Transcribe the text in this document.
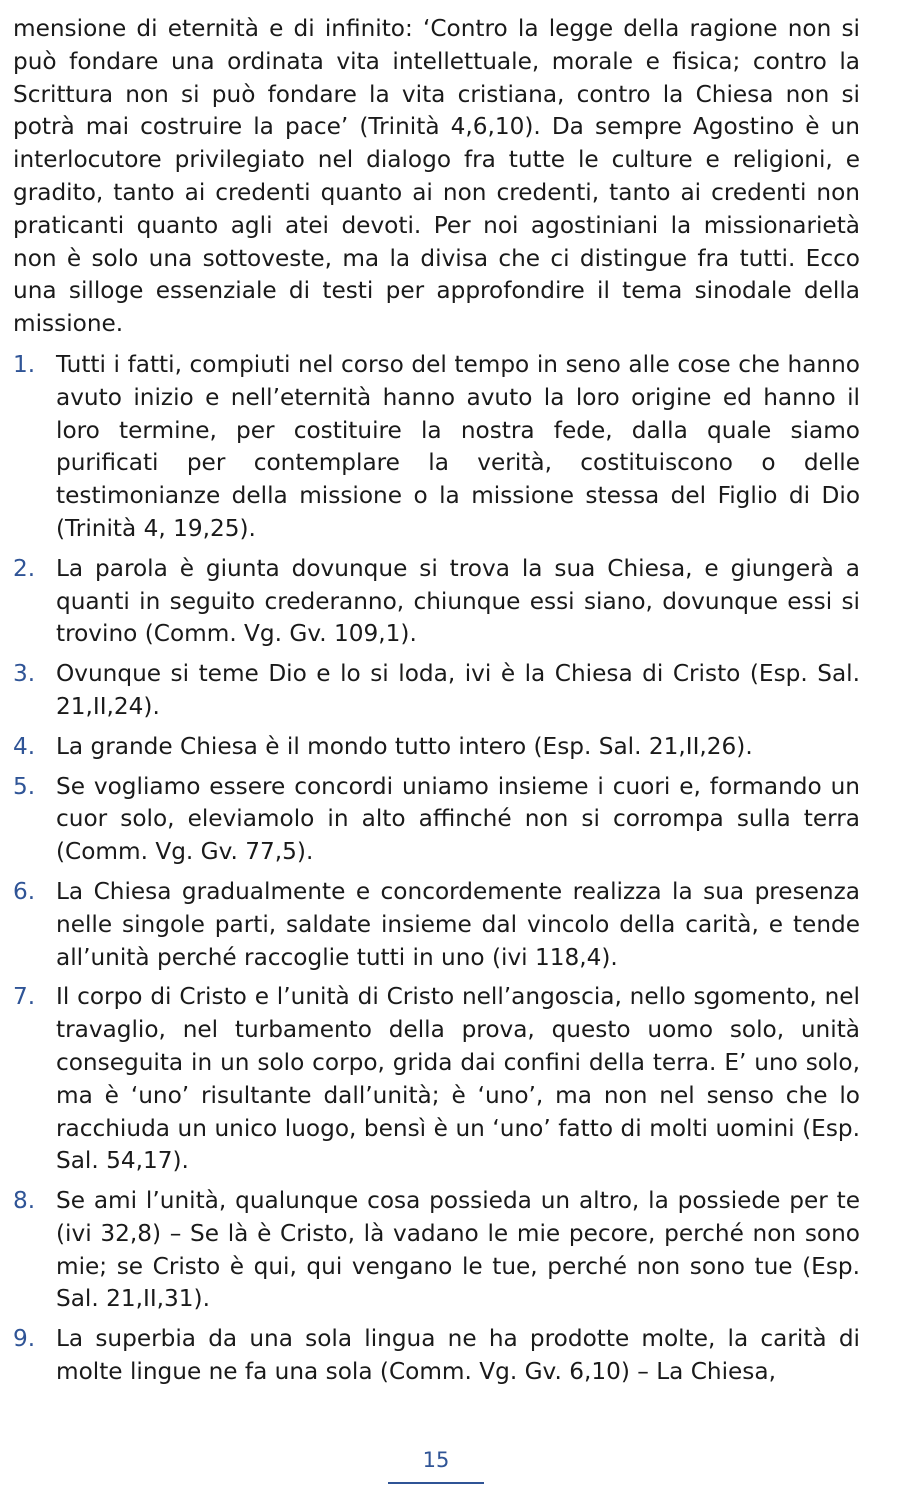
mensione di eternità e di infinito: ‘Contro la legge della ragione non si può fondare una ordinata vita intellettuale, morale e fisica; contro la Scrittura non si può fondare la vita cristiana, contro la Chiesa non si potrà mai costruire la pace’ (Trinità 4,6,10). Da sempre Agostino è un interlocutore privilegiato nel dialogo fra tutte le culture e religioni, e gradito, tanto ai credenti quanto ai non credenti, tanto ai credenti non praticanti quanto agli atei devoti. Per noi agostiniani la missionarietà non è solo una sottoveste, ma la divisa che ci distingue fra tutti. Ecco una silloge essenziale di testi per approfondire il tema sinodale della missione.

1. Tutti i fatti, compiuti nel corso del tempo in seno alle cose che hanno avuto inizio e nell’eternità hanno avuto la loro origine ed hanno il loro termine, per costituire la nostra fede, dalla quale siamo purificati per contemplare la verità, costituiscono o delle testimonianze della missione o la missione stessa del Figlio di Dio (Trinità 4, 19,25).
2. La parola è giunta dovunque si trova la sua Chiesa, e giungerà a quanti in seguito crederanno, chiunque essi siano, dovunque essi si trovino (Comm. Vg. Gv. 109,1).
3. Ovunque si teme Dio e lo si loda, ivi è la Chiesa di Cristo (Esp. Sal. 21,II,24).
4. La grande Chiesa è il mondo tutto intero (Esp. Sal. 21,II,26).
5. Se vogliamo essere concordi uniamo insieme i cuori e, formando un cuor solo, eleviamolo in alto affinché non si corrompa sulla terra (Comm. Vg. Gv. 77,5).
6. La Chiesa gradualmente e concordemente realizza la sua presenza nelle singole parti, saldate insieme dal vincolo della carità, e tende all’unità perché raccoglie tutti in uno (ivi 118,4).
7. Il corpo di Cristo e l’unità di Cristo nell’angoscia, nello sgomento, nel travaglio, nel turbamento della prova, questo uomo solo, unità conseguita in un solo corpo, grida dai confini della terra. E’ uno solo, ma è ‘uno’ risultante dall’unità; è ‘uno’, ma non nel senso che lo racchiuda un unico luogo, bensì è un ‘uno’ fatto di molti uomini (Esp. Sal. 54,17).
8. Se ami l’unità, qualunque cosa possieda un altro, la possiede per te (ivi 32,8) – Se là è Cristo, là vadano le mie pecore, perché non sono mie; se Cristo è qui, qui vengano le tue, perché non sono tue (Esp. Sal. 21,II,31).
9. La superbia da una sola lingua ne ha prodotte molte, la carità di molte lingue ne fa una sola (Comm. Vg. Gv. 6,10) – La Chiesa,
15
